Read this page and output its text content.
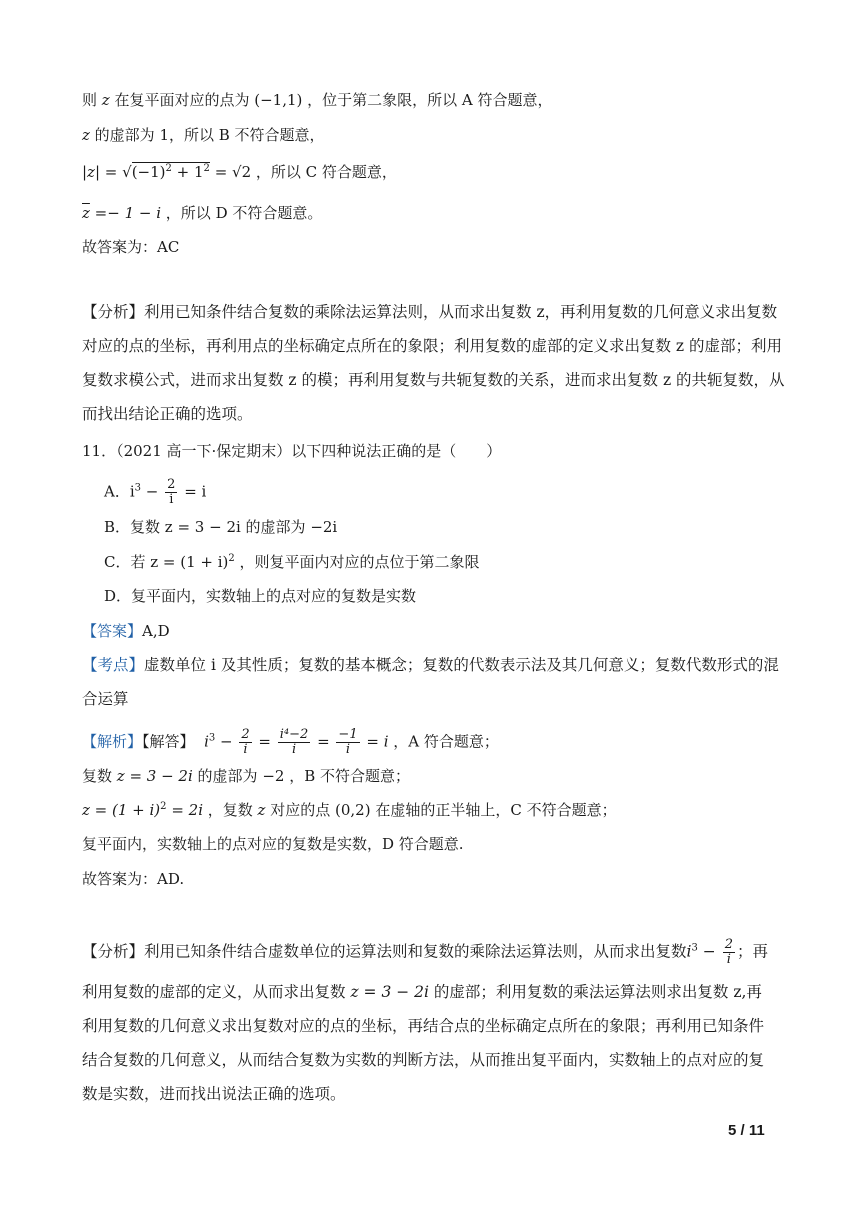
则 z 在复平面对应的点为 (−1,1) ，位于第二象限，所以 A 符合题意，
z 的虚部为 1，所以 B 不符合题意，
$|z| = √(-1)^2 + 1^2 = √2$ ，所以 C 符合题意，
$\overline{z} =- 1 - i$ ，所以 D 不符合题意。
故答案为：AC
【分析】利用已知条件结合复数的乘除法运算法则，从而求出复数 z，再利用复数的几何意义求出复数对应的点的坐标，再利用点的坐标确定点所在的象限；利用复数的虚部的定义求出复数 z 的虚部；利用复数求模公式，进而求出复数 z 的模；再利用复数与共轭复数的关系，进而求出复数 z 的共轭复数，从而找出结论正确的选项。
11．（2021 高一下·保定期末）以下四种说法正确的是（　　）
A．$i^3 - \frac{2}{i} = i$
B．复数 z = 3 − 2i 的虚部为 −2i
C．若 $z = (1 + i)^2$ ，则复平面内对应的点位于第二象限
D．复平面内，实数轴上的点对应的复数是实数
【答案】A,D
【考点】虚数单位 i 及其性质；复数的基本概念；复数的代数表示法及其几何意义；复数代数形式的混合运算
【解析】【解答】 $i^3 - \frac{2}{i} = \frac{\text{i⁴−2}}{i} = \frac{-1}{i} = i$ ，A 符合题意；
复数 z = 3 − 2i 的虚部为 −2 ，B 不符合题意；
$z = (1 + i)^2 = 2i$ ，复数 z 对应的点 (0,2) 在虚轴的正半轴上，C 不符合题意；
复平面内，实数轴上的点对应的复数是实数，D 符合题意.
故答案为：AD.
【分析】利用已知条件结合虚数单位的运算法则和复数的乘除法运算法则，从而求出复数$i^3 - \frac{2}{i}$ ；再
利用复数的虚部的定义，从而求出复数 z = 3 − 2i 的虚部；利用复数的乘法运算法则求出复数 z,再
利用复数的几何意义求出复数对应的点的坐标，再结合点的坐标确定点所在的象限；再利用已知条件
结合复数的几何意义，从而结合复数为实数的判断方法，从而推出复平面内，实数轴上的点对应的复
数是实数，进而找出说法正确的选项。
5 / 11
